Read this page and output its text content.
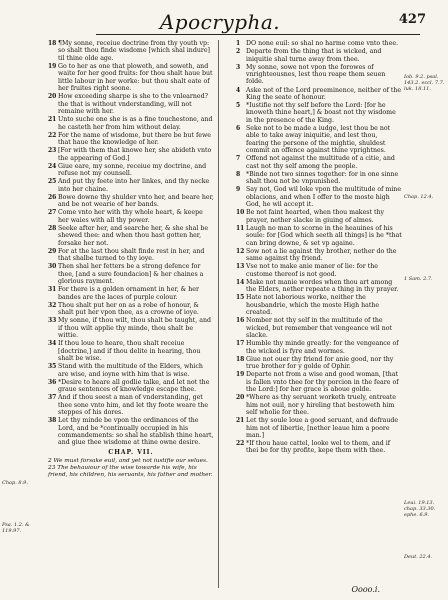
Apocrypha.	427
Chap. 8.9.
Psa. 1.2. & 119.97.
18 ¶My sonne, receiue doctrine from thy youth vp: so shalt thou finde wisdome [which shal indure] til thine olde age.
19 Go to her as one that ploweth, and soweth, and waite for her good fruits: for thou shalt haue but little labour in her worke: but thou shalt eate of her fruites right soone.
20 How exceeding sharpe is she to the vnlearned? the that is without vnderstanding, will not remaine with her.
21 Unto suche one she is as a fine touchestone, and he casteth her from him without delay.
22 For the name of wisdome, but there be but fewe that haue the knowledge of her.
23 [For with them that knowe her, she abideth vnto the appearing of God.]
24 Giue eare, my sonne, receiue my doctrine, and refuse not my counsell.
25 And put thy feete into her linkes, and thy necke into her chaine.
26 Bowe downe thy shulder vnto her, and beare her, and be not wearie of her bands.
27 Come vnto her with thy whole heart, & keepe her waies with all thy power.
28 Seeke after her, and searche her, & she shal be shewed thee: and when thou hast gotten her, forsake her not.
29 For at the last thou shalt finde rest in her, and that shalbe turned to thy ioye.
30 Then shal her fetters be a strong defence for thee, [and a sure foundacion] & her chaines a glorious rayment.
31 For there is a golden ornament in her, & her bandes are the laces of purple colour.
32 Thou shalt put her on as a robe of honour, & shalt put her vpon thee, as a crowne of ioye.
33 My sonne, if thou wilt, thou shalt be taught, and if thou wilt applie thy minde, thou shalt be wittie.
34 If thou loue to heare, thou shalt receiue [doctrine,] and if thou delite in hearing, thou shalt be wise.
35 Stand with the multitude of the Elders, which are wise, and ioyne with him that is wise.
36 *Desire to heare all godlie talke, and let not the graue sentences of knowledge escape thee.
37 And if thou seest a man of vnderstanding, get thee sone vnto him, and let thy foote weare the steppes of his dores.
38 Let thy minde be vpon the ordinances of the Lord, and be *continually occupied in his commandements: so shal he stablish thine heart, and giue thee wisdome at thine owne desire.
CHAP. VII.
2 We must forsake euil, and yet not iustifie our selues. 23 The behauiour of the wise towarde his wife, his friend, his children, his seruants, his father and mother.
1 DO none euil: so shal no harme come vnto thee.
2 Departe from the thing that is wicked, and iniquitie shal turne away from thee.
3 My sonne, sowe not vpon the forowes of vnrighteousnes, lest thou reape them seuen folde.
4 Aske not of the Lord preeminence, neither of the King the seate of honour.
5 *Iustifie not thy self before the Lord: [for he knoweth thine heart,] & boast not thy wisdome in the presence of the King.
6 Seke not to be made a iudge, lest thou be not able to take away iniquitie, and lest thou, fearing the persone of the mightie, shuldest commit an offence against thine vprightnes.
7 Offend not against the multitude of a citie, and cast not thy self among the people.
8 *Binde not two sinnes together: for in one sinne shalt thou not be vnpunished.
9 Say not, God wil loke vpon the multitude of mine oblacions, and when I offer to the moste high God, he wil accept it.
10 Be not faint hearted, when thou makest thy prayer, nether slacke in giuing of almes.
11 Laugh no man to scorne in the heauines of his soule: for [God which seeth all things] is he *that can bring downe, & set vp againe.
12 Sow not a lie against thy brother, nether do the same against thy friend.
13 Vse not to make anie maner of lie: for the custome thereof is not good.
14 Make not manie wordes when thou art among the Elders, nether repeate a thing in thy prayer.
15 Hate not laborious worke, neither the housbandrie, which the moste High hathe created.
16 Nomber not thy self in the multitude of the wicked, but remember that vengeance wil not slacke.
17 Humble thy minde greatly: for the vengeance of the wicked is fyre and wormes.
18 Giue not ouer thy friend for anie good, nor thy true brother for y golde of Ophir.
19 Departe not from a wise and good woman, [that is fallen vnto thee for thy porcion in the feare of the Lord:] for her grace is aboue golde.
20 *Where as thy seruant worketh truely, entreate him not euil, nor y hireling that bestoweth him self wholie for thee.
21 Let thy soule loue a good seruant, and defraude him not of libertie, [nether leaue him a poore man.]
22 *If thou haue cattel, looke wel to them, and if thei be for thy profite, kepe them with thee.
Iob. 9.2. psal. 143.2. eccl. 7.7. luk. 18.11.
Chap. 12.4.
1 Sam. 2.7.
Leui. 19.13. chap. 33.30. ephe. 6.9.
Deut. 22.4.
Oooo.i.
